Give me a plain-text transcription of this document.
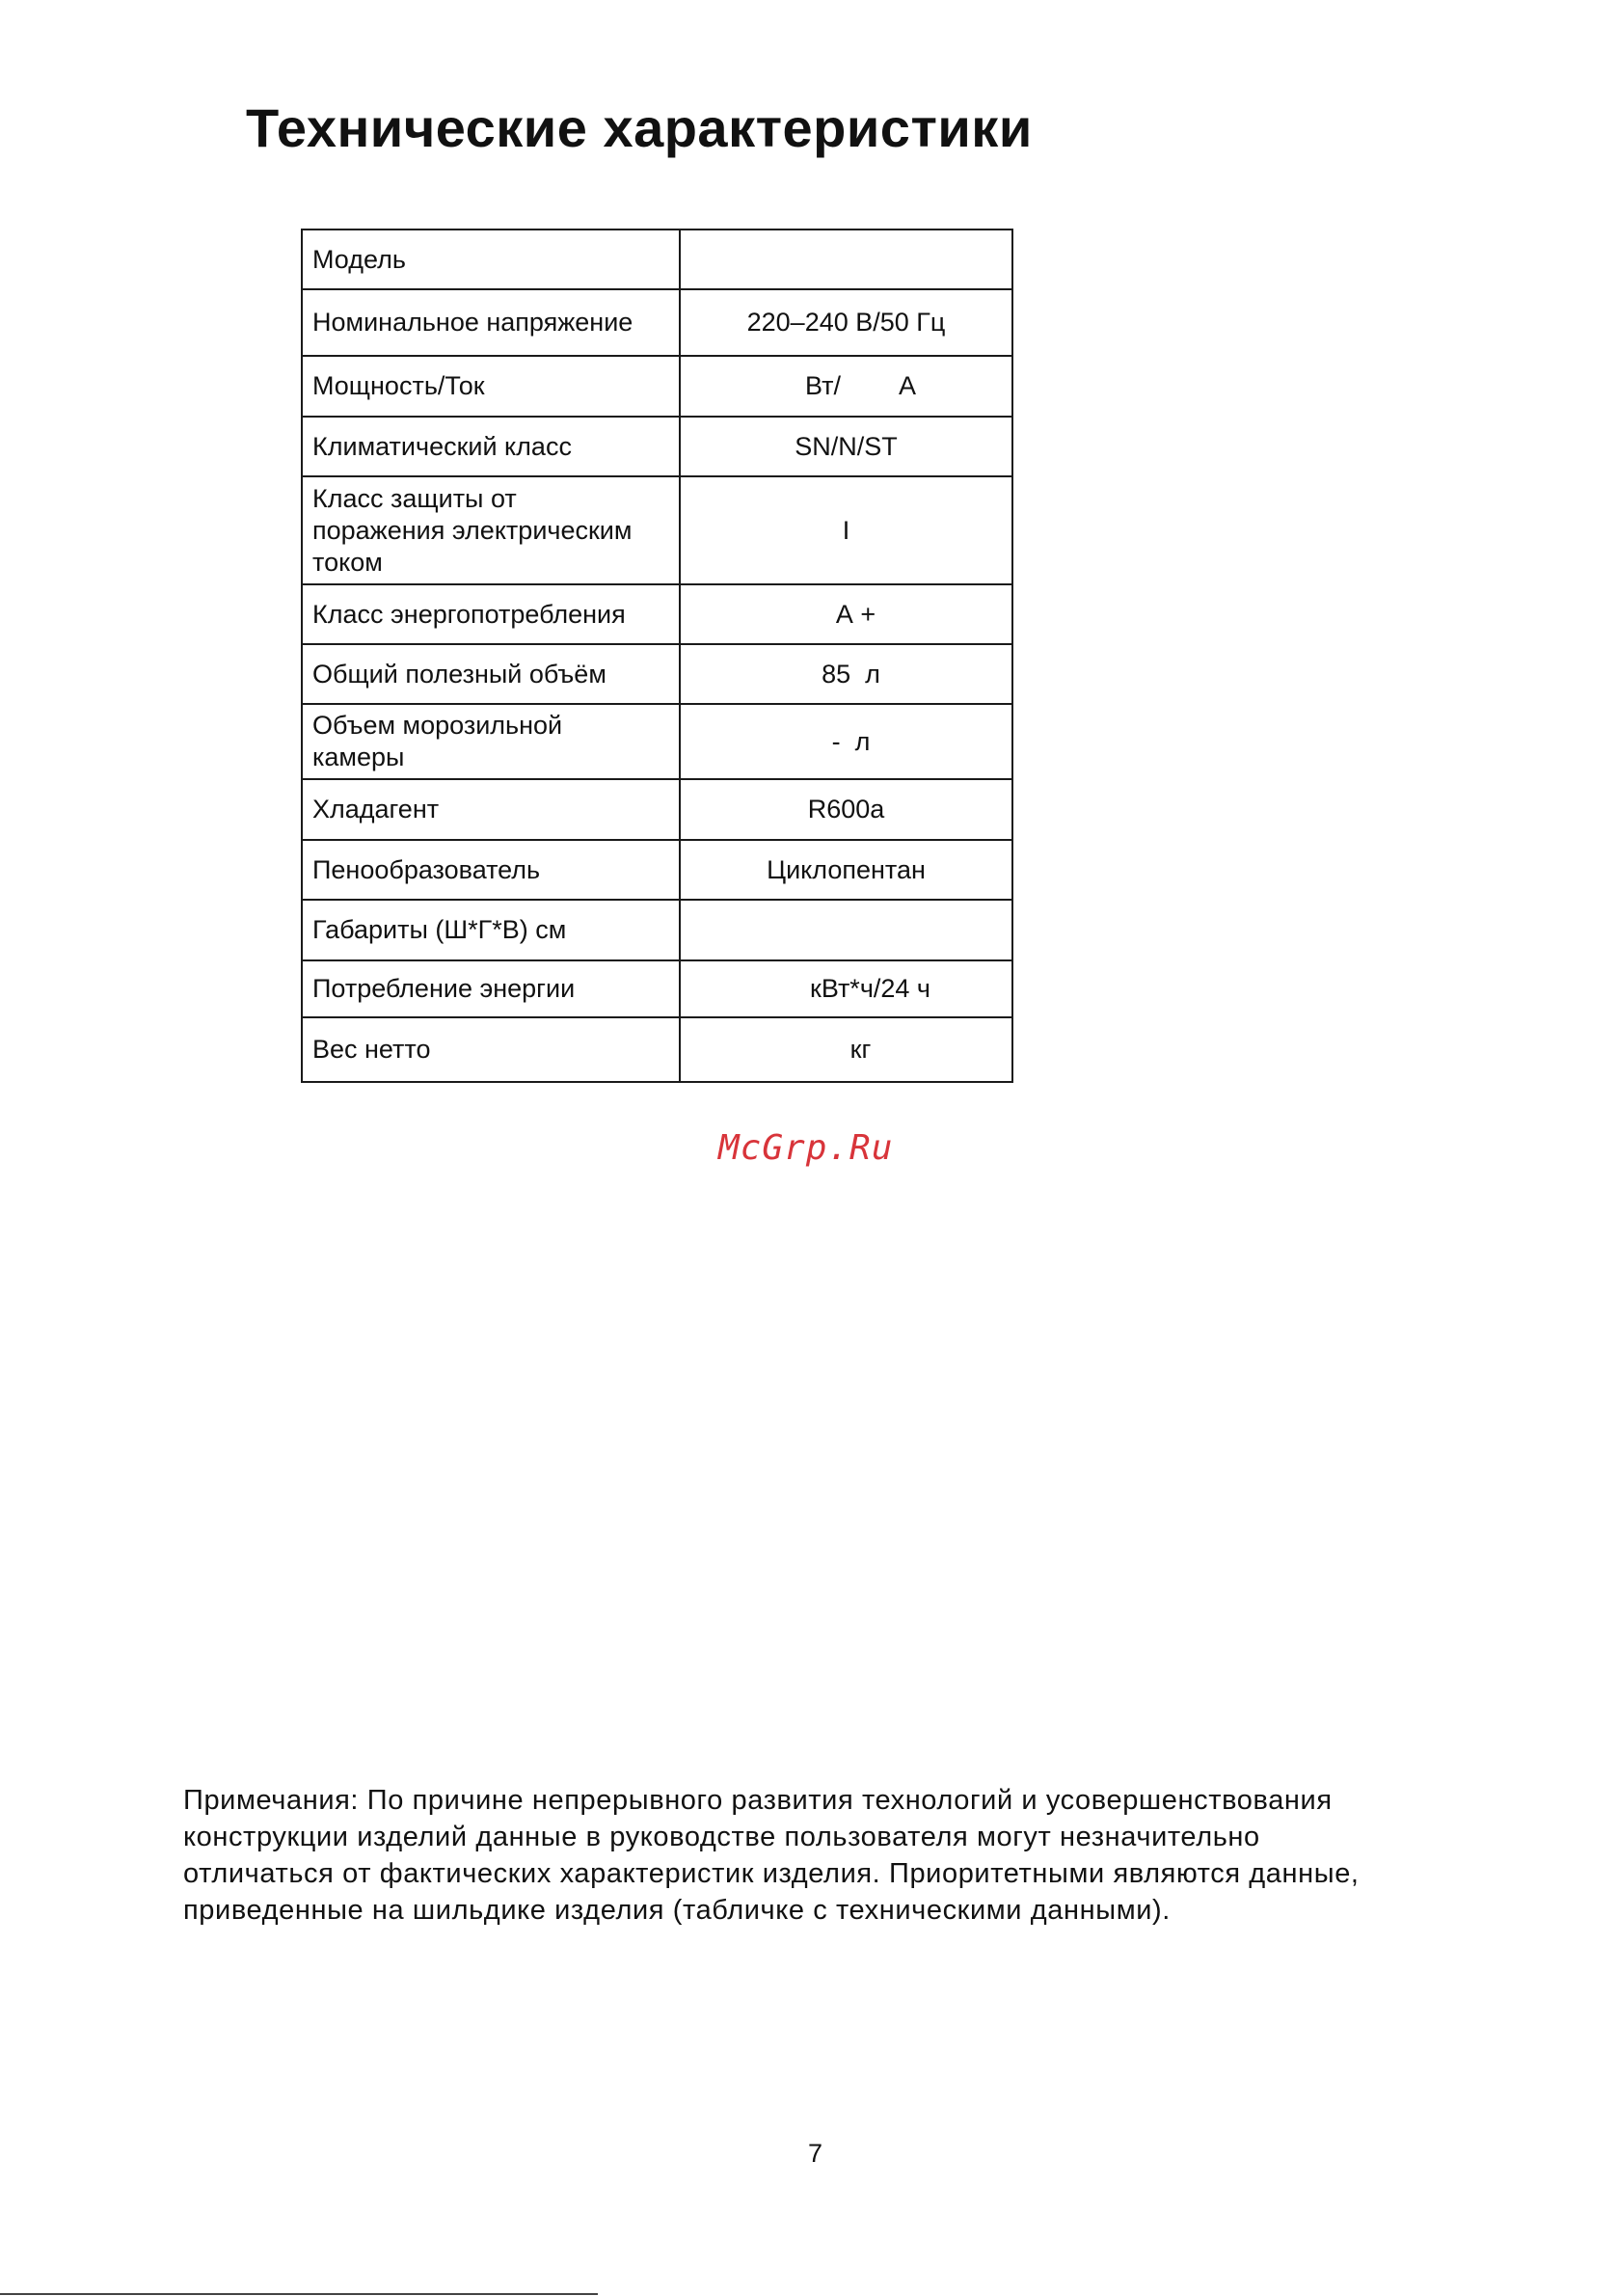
Технические характеристики
Модель	
Номинальное напряжение	220–240 В/50 Гц
Мощность/Ток	Вт/        А
Климатический класс	SN/N/ST
Класс защиты от
поражения электрическим
током	I
Класс энергопотребления	А +
Общий полезный объём	85  л
Объем морозильной
камеры	-  л
Хладагент	R600a
Пенообразователь	Циклопентан
Габариты (Ш*Г*В) см	
Потребление энергии	кВт*ч/24 ч
Вес нетто	кг
McGrp.Ru

Примечания: По причине непрерывного развития технологий и усовершенствования
конструкции изделий данные в руководстве пользователя могут незначительно
отличаться от фактических характеристик изделия. Приоритетными являются данные,
приведенные на шильдике изделия (табличке с техническими данными).

7
